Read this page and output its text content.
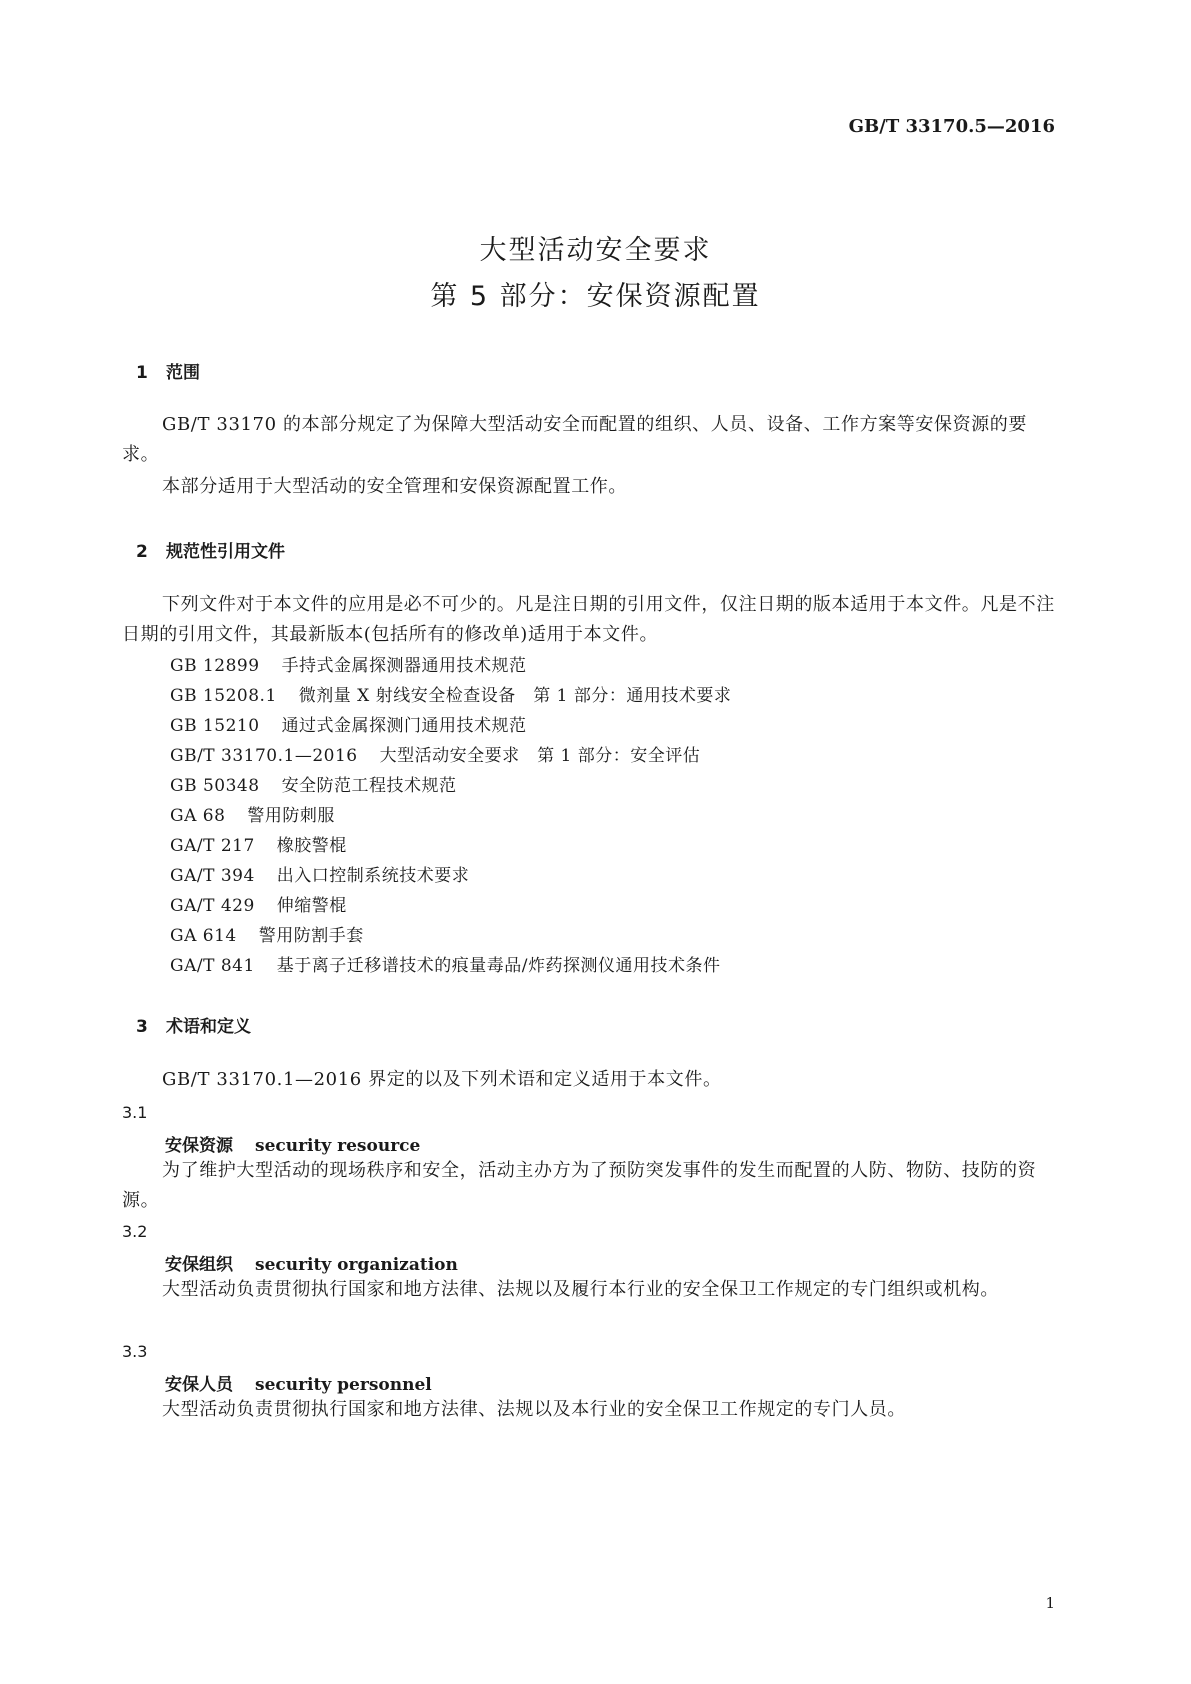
GB/T 33170.5—2016
大型活动安全要求
第 5 部分：安保资源配置
1 范围
GB/T 33170 的本部分规定了为保障大型活动安全而配置的组织、人员、设备、工作方案等安保资源的要求。
本部分适用于大型活动的安全管理和安保资源配置工作。
2 规范性引用文件
下列文件对于本文件的应用是必不可少的。凡是注日期的引用文件，仅注日期的版本适用于本文件。凡是不注日期的引用文件，其最新版本(包括所有的修改单)适用于本文件。
GB 12899 手持式金属探测器通用技术规范
GB 15208.1 微剂量 X 射线安全检查设备　第 1 部分：通用技术要求
GB 15210 通过式金属探测门通用技术规范
GB/T 33170.1—2016 大型活动安全要求　第 1 部分：安全评估
GB 50348 安全防范工程技术规范
GA 68 警用防刺服
GA/T 217 橡胶警棍
GA/T 394 出入口控制系统技术要求
GA/T 429 伸缩警棍
GA 614 警用防割手套
GA/T 841 基于离子迁移谱技术的痕量毒品/炸药探测仪通用技术条件
3 术语和定义
GB/T 33170.1—2016 界定的以及下列术语和定义适用于本文件。
3.1
安保资源 security resource
为了维护大型活动的现场秩序和安全，活动主办方为了预防突发事件的发生而配置的人防、物防、技防的资源。
3.2
安保组织 security organization
大型活动负责贯彻执行国家和地方法律、法规以及履行本行业的安全保卫工作规定的专门组织或机构。
3.3
安保人员 security personnel
大型活动负责贯彻执行国家和地方法律、法规以及本行业的安全保卫工作规定的专门人员。
1
